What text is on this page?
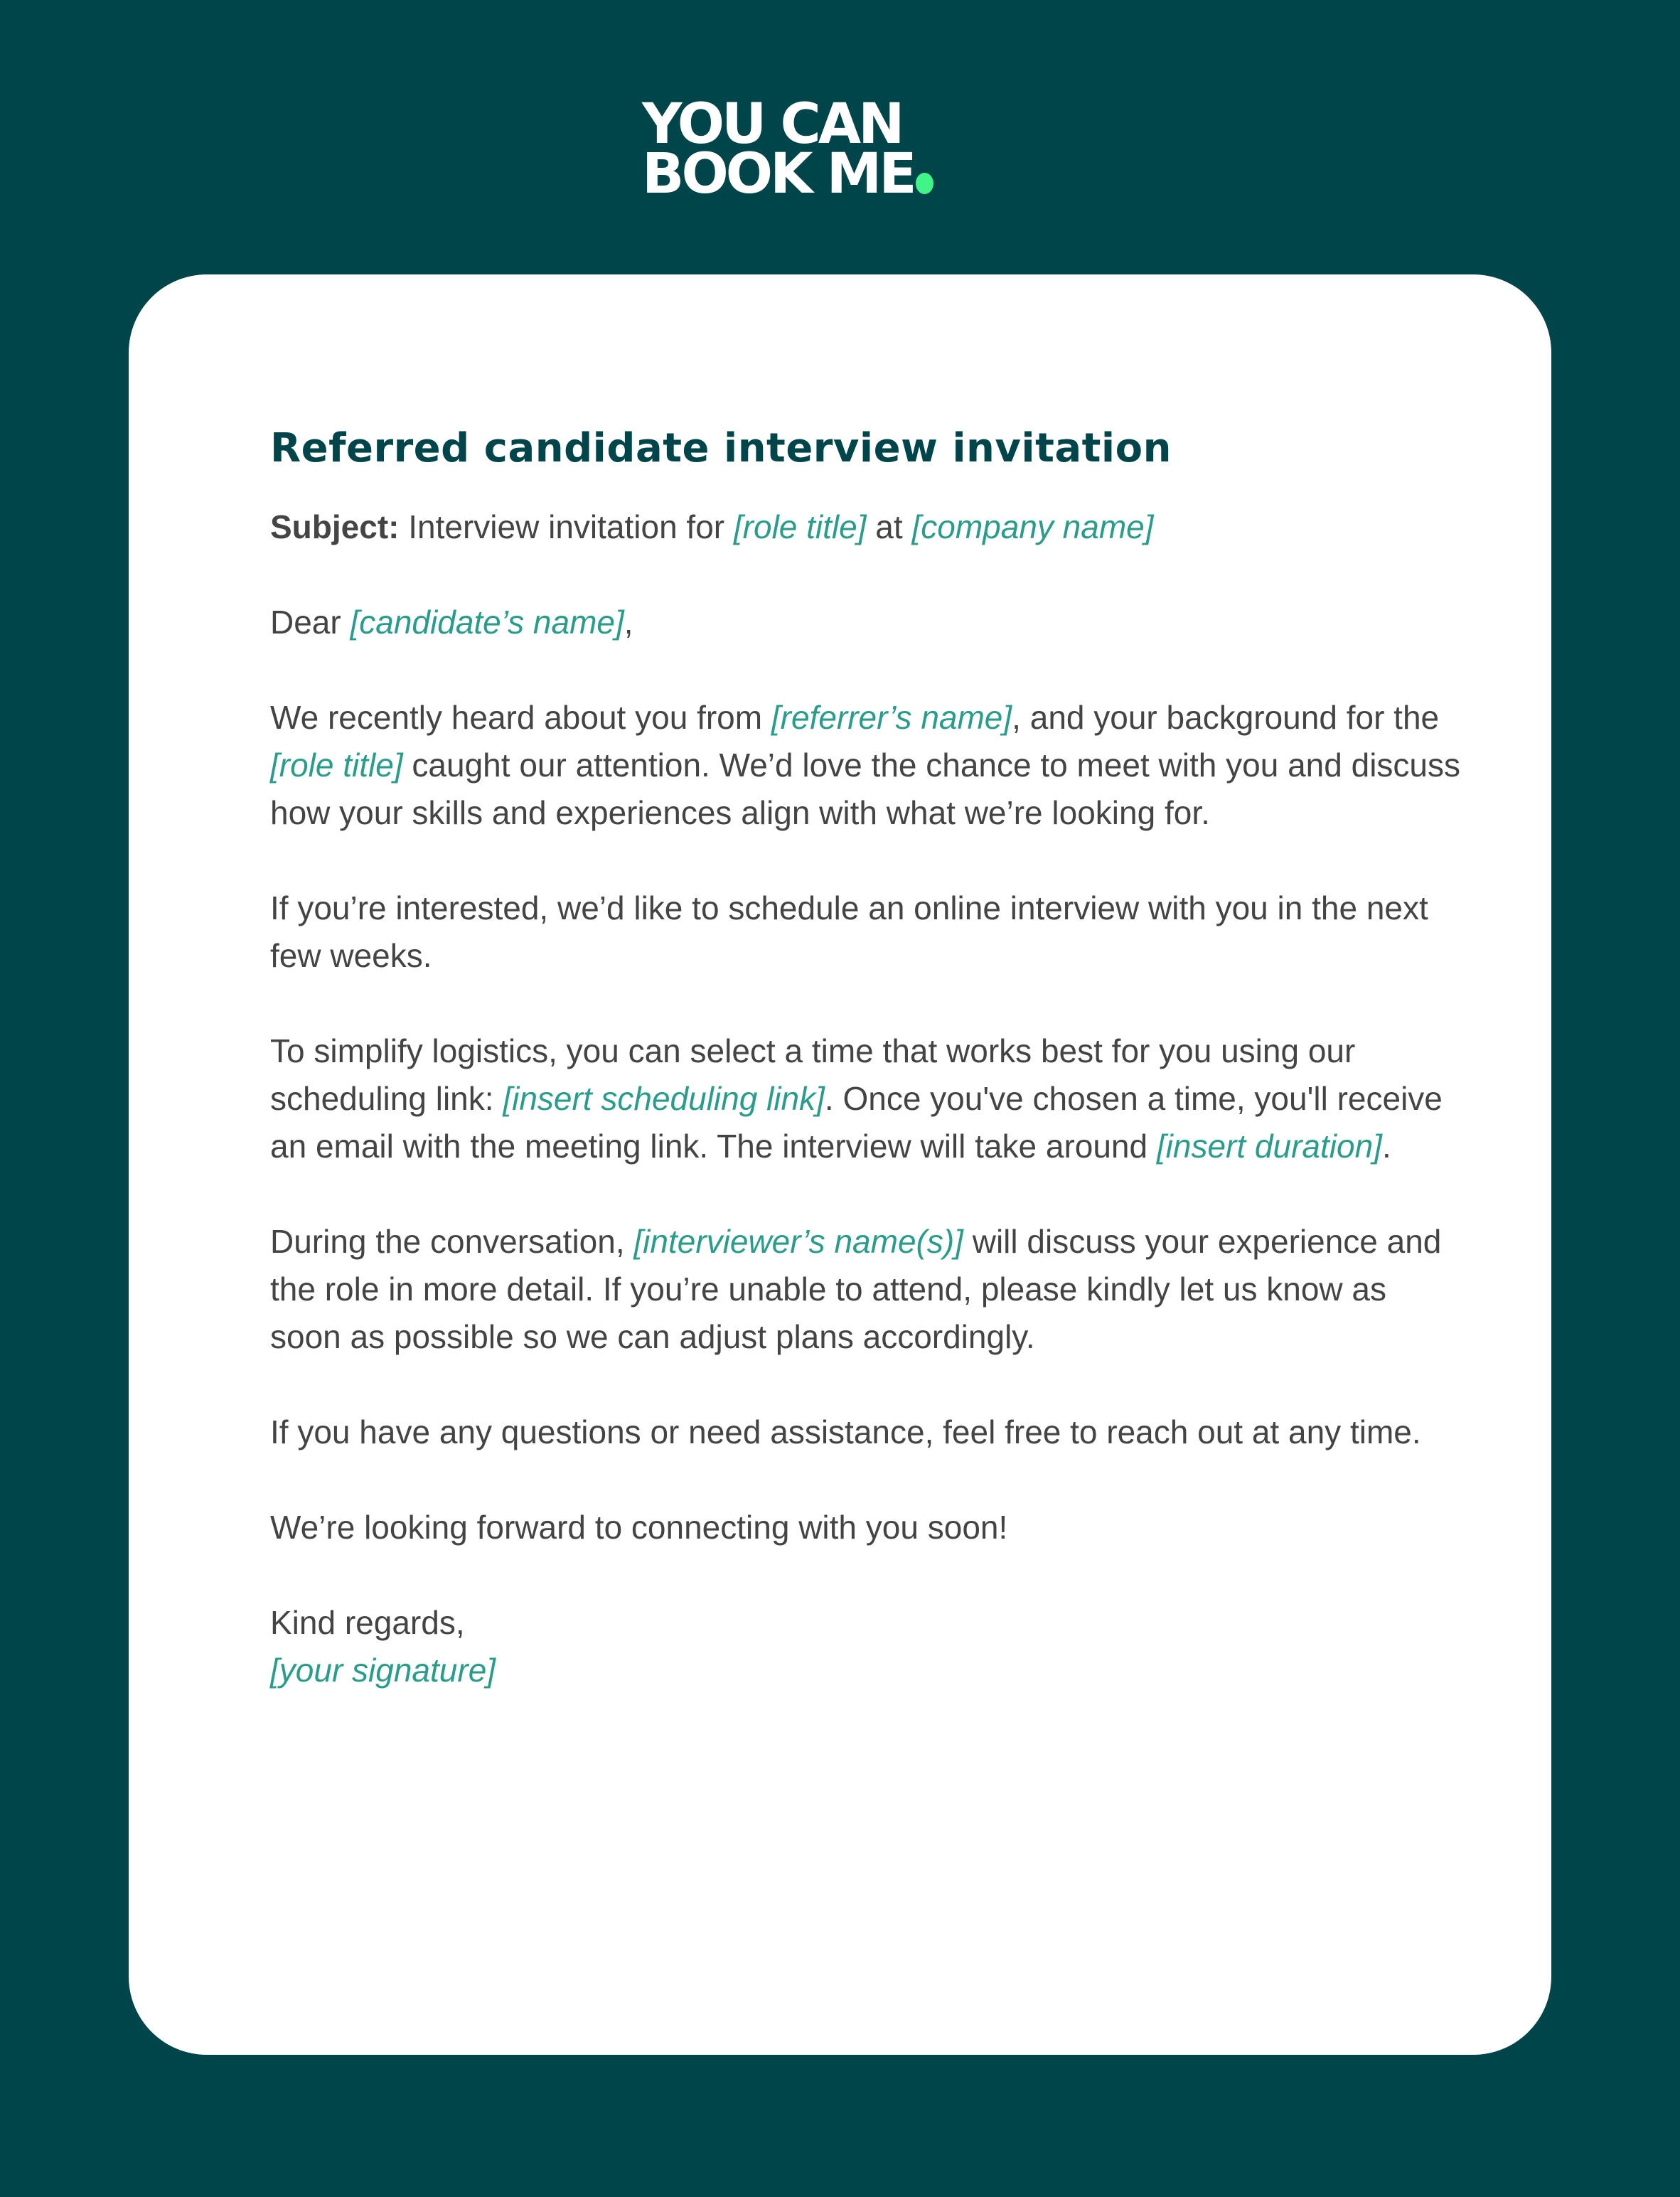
YOU CAN
BOOK ME
Referred candidate interview invitation

Subject: Interview invitation for [role title] at [company name]

Dear [candidate’s name],

We recently heard about you from [referrer’s name], and your background for the [role title] caught our attention. We’d love the chance to meet with you and discuss how your skills and experiences align with what we’re looking for.

If you’re interested, we’d like to schedule an online interview with you in the next few weeks.

To simplify logistics, you can select a time that works best for you using our scheduling link: [insert scheduling link]. Once you've chosen a time, you'll receive an email with the meeting link. The interview will take around [insert duration].

During the conversation, [interviewer’s name(s)] will discuss your experience and the role in more detail. If you’re unable to attend, please kindly let us know as soon as possible so we can adjust plans accordingly.

If you have any questions or need assistance, feel free to reach out at any time.

We’re looking forward to connecting with you soon!

Kind regards,
[your signature]
